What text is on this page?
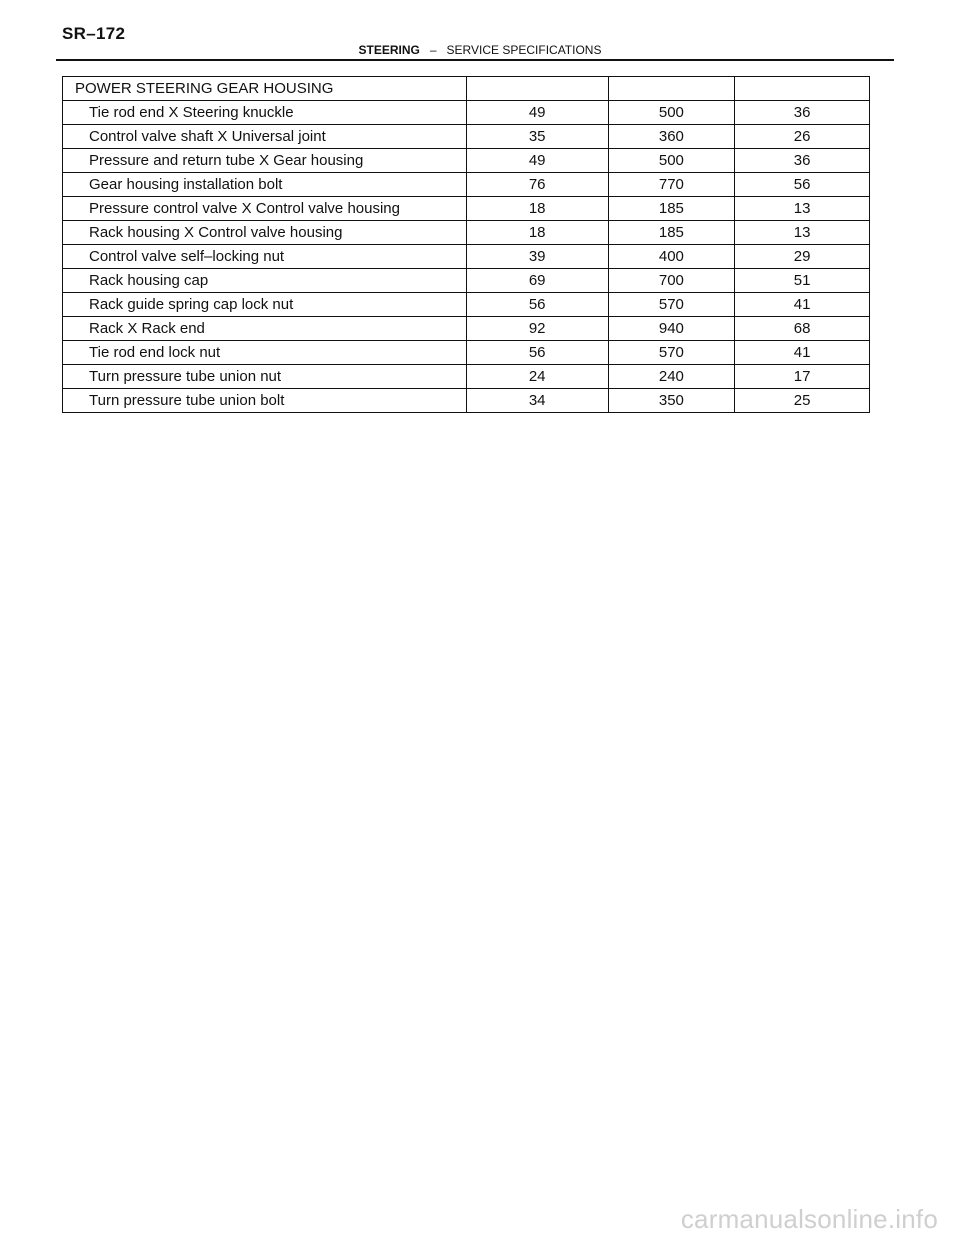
SR–172
STEERING – SERVICE SPECIFICATIONS
POWER STEERING GEAR HOUSING			
Tie rod end X Steering knuckle	49	500	36
Control valve shaft X Universal joint	35	360	26
Pressure and return tube X Gear housing	49	500	36
Gear housing installation bolt	76	770	56
Pressure control valve X Control valve housing	18	185	13
Rack housing X Control valve housing	18	185	13
Control valve self–locking nut	39	400	29
Rack housing cap	69	700	51
Rack guide spring cap lock nut	56	570	41
Rack X Rack end	92	940	68
Tie rod end lock nut	56	570	41
Turn pressure tube union nut	24	240	17
Turn pressure tube union bolt	34	350	25
carmanualsonline.info
